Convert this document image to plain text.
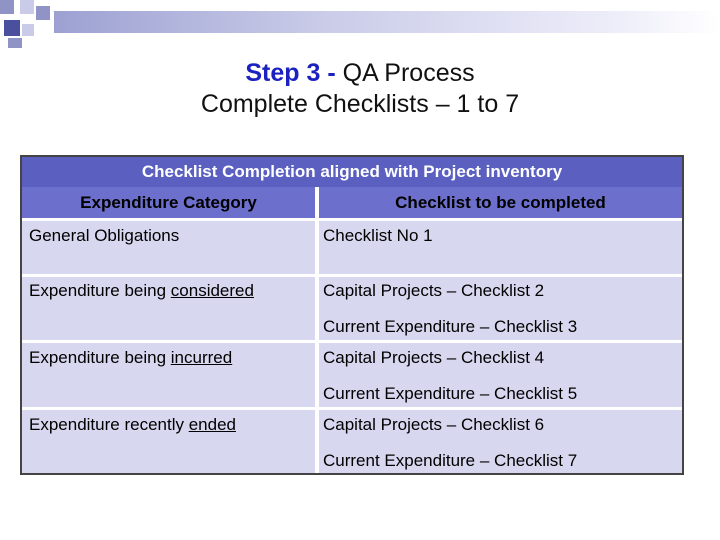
Step 3 - QA Process
Complete Checklists – 1 to 7
Checklist Completion aligned with Project inventory
Expenditure Category	Checklist to be completed
General Obligations	Checklist No 1
Expenditure being considered	Capital Projects – Checklist 2
Current Expenditure – Checklist 3
Expenditure being incurred	Capital Projects – Checklist 4
Current Expenditure – Checklist 5
Expenditure recently ended	Capital Projects – Checklist 6
Current Expenditure – Checklist 7
